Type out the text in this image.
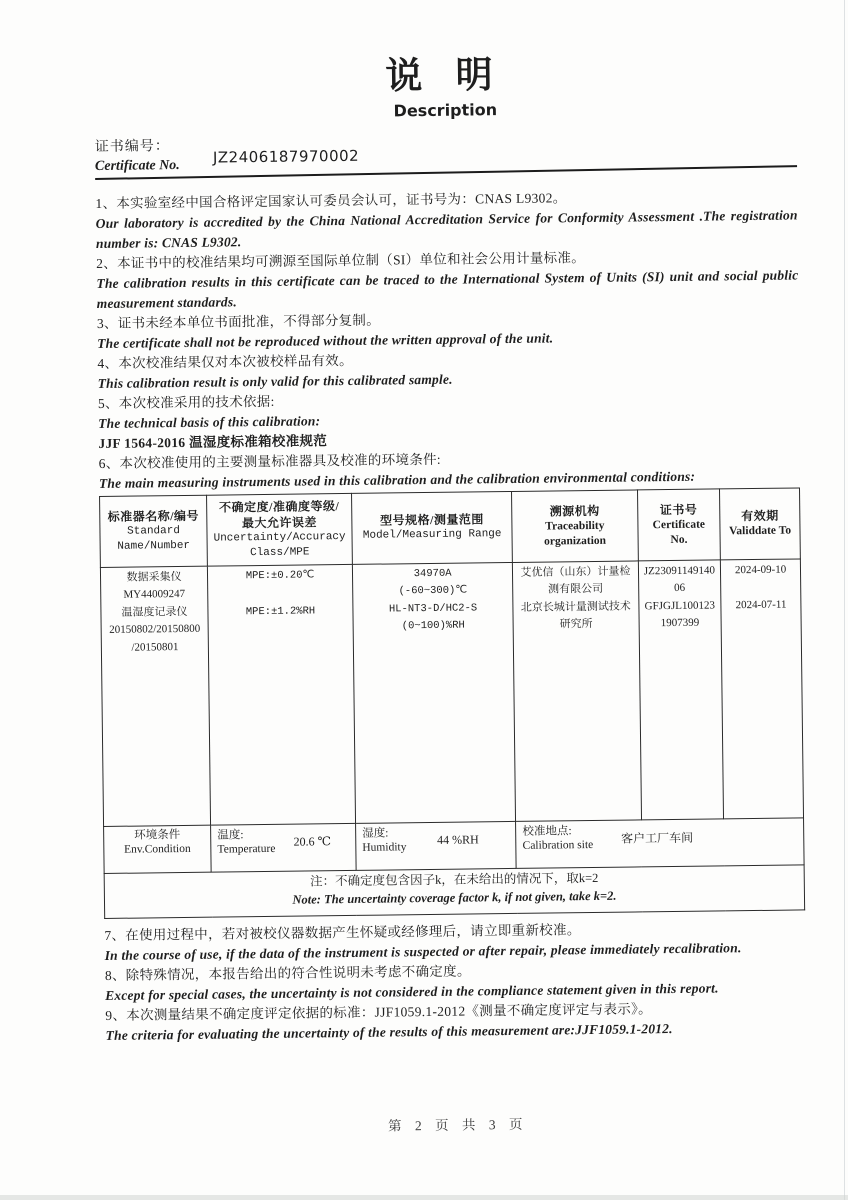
说 明
Description
证书编号：
Certificate No.	JZ2406187970002
1、本实验室经中国合格评定国家认可委员会认可，证书号为：CNAS L9302。
Our laboratory is accredited by the China National Accreditation Service for Conformity Assessment .The registration number is: CNAS L9302.
2、本证书中的校准结果均可溯源至国际单位制（SI）单位和社会公用计量标准。
The calibration results in this certificate can be traced to the International System of Units (SI) unit and social public measurement standards.
3、证书未经本单位书面批准，不得部分复制。
The certificate shall not be reproduced without the written approval of the unit.
4、本次校准结果仅对本次被校样品有效。
This calibration result is only valid for this calibrated sample.
5、本次校准采用的技术依据:
The technical basis of this calibration:
JJF 1564-2016 温湿度标准箱校准规范
6、本次校准使用的主要测量标准器具及校准的环境条件:
The main measuring instruments used in this calibration and the calibration environmental conditions:
标准器名称/编号
Standard
Name/Number

不确定度/准确度等级/
最大允许误差
Uncertainty/Accuracy
Class/MPE

型号规格/测量范围
Model/Measuring Range

溯源机构
Traceability
organization

证书号
Certificate
No.

有效期
Validdate To

数据采集仪
MY44009247
温湿度记录仪
20150802/20150800
/20150801

MPE:±0.20℃
MPE:±1.2%RH

34970A
(-60~300)℃
HL-NT3-D/HC2-S
(0~100)%RH

艾优信（山东）计量检测有限公司
北京长城计量测试技术研究所

JZ23091149140
06
GFJGJL100123
1907399

2024-09-10
2024-07-11

环境条件
Env.Condition

温度:
Temperature
20.6 ℃

湿度:
Humidity
44 %RH

校准地点:
Calibration site
客户工厂车间

注：不确定度包含因子k，在未给出的情况下，取k=2
Note: The uncertainty coverage factor k, if not given, take k=2.					
7、在使用过程中，若对被校仪器数据产生怀疑或经修理后，请立即重新校准。
In the course of use, if the data of the instrument is suspected or after repair, please immediately recalibration.
8、除特殊情况，本报告给出的符合性说明未考虑不确定度。
Except for special cases, the uncertainty is not considered in the compliance statement given in this report.
9、本次测量结果不确定度评定依据的标准：JJF1059.1-2012《测量不确定度评定与表示》。
The criteria for evaluating the uncertainty of the results of this measurement are:JJF1059.1-2012.
第 2 页 共 3 页
